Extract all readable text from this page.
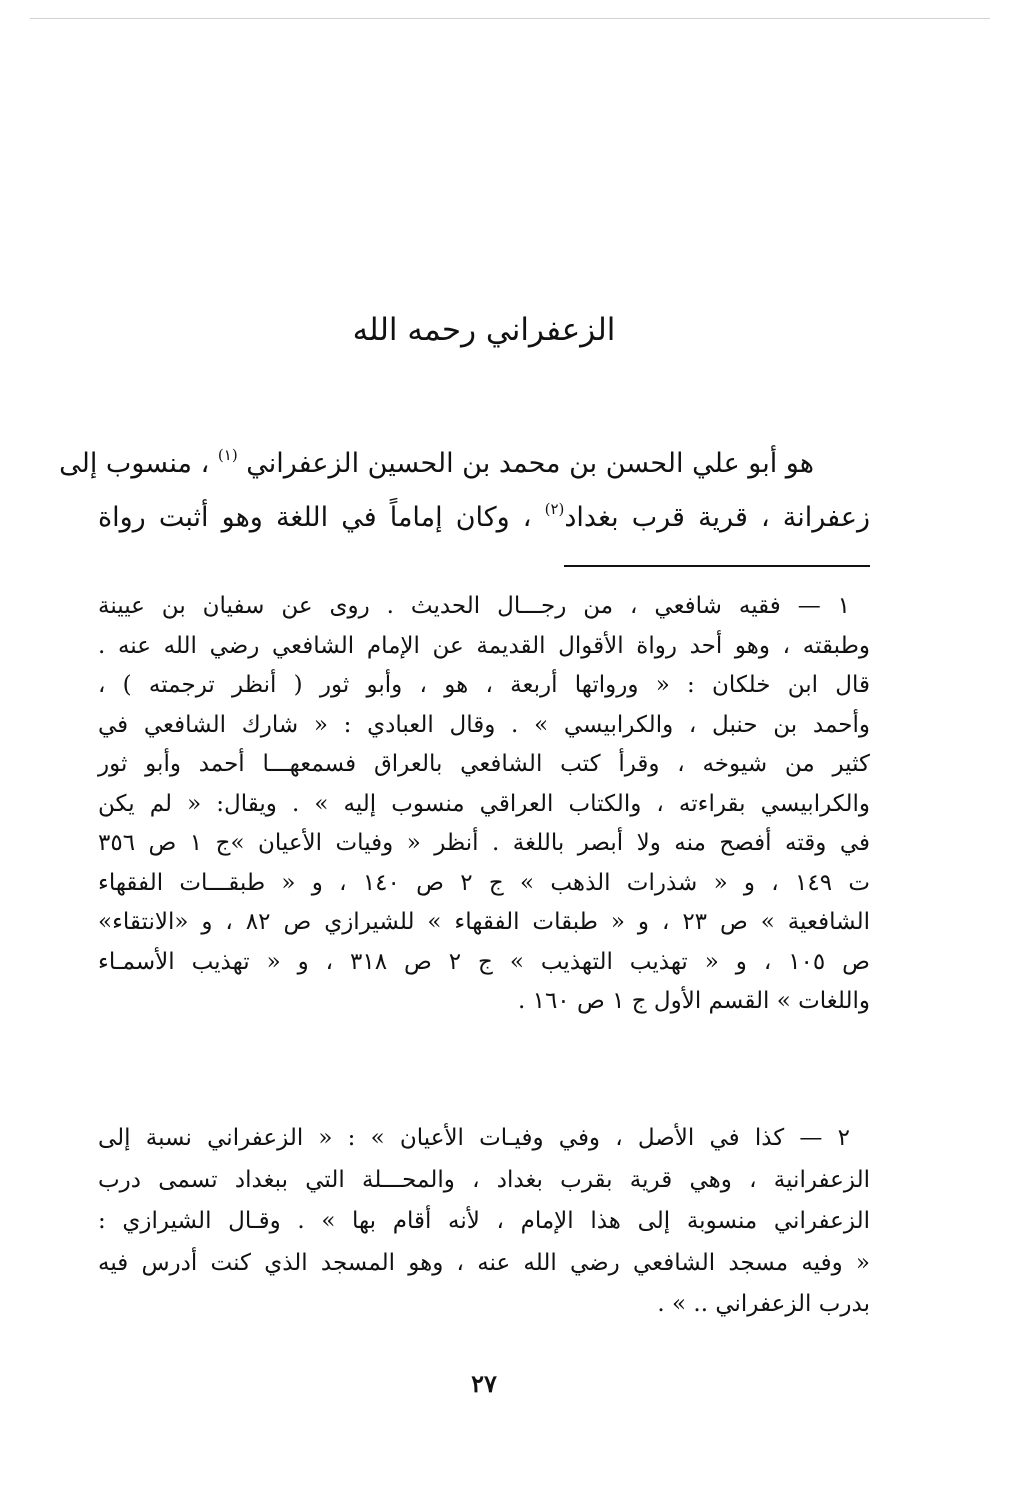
الزعفراني رحمه الله
هو أبو علي الحسن بن محمد بن الحسين الزعفراني $^{(١)}$ ، منسوب إلى
زعفرانة ، قرية قرب بغداد$^{(٢)}$ ، وكان إماماً في اللغة وهو أثبت رواة
١ — فقيه شافعي ، من رجـــال الحديث . روى عن سفيان بن عيينة
وطبقته ، وهو أحد رواة الأقوال القديمة عن الإمام الشافعي رضي الله عنه .
قال ابن خلكان : « ورواتها أربعة ، هو ، وأبو ثور ( أنظر ترجمته ) ،
وأحمد بن حنبل ، والكرابيسي » . وقال العبادي : « شارك الشافعي في
كثير من شيوخه ، وقرأ كتب الشافعي بالعراق فسمعهـــا أحمد وأبو ثور
والكرابيسي بقراءته ، والكتاب العراقي منسوب إليه » . ويقال: « لم يكن
في وقته أفصح منه ولا أبصر باللغة . أنظر « وفيات الأعيان »ج ١ ص ٣٥٦
ت ١٤٩ ، و « شذرات الذهب » ج ٢ ص ١٤٠ ، و « طبقـــات الفقهاء
الشافعية » ص ٢٣ ، و « طبقات الفقهاء » للشيرازي ص ٨٢ ، و «الانتقاء»
ص ١٠٥ ، و « تهذيب التهذيب » ج ٢ ص ٣١٨ ، و « تهذيب الأسمـاء
واللغات » القسم الأول ج ١ ص ١٦٠ .
٢ — كذا في الأصل ، وفي وفيـات الأعيان » : « الزعفراني نسبة إلى
الزعفرانية ، وهي قرية بقرب بغداد ، والمحـــلة التي ببغداد تسمى درب
الزعفراني منسوبة إلى هذا الإمام ، لأنه أقام بها » . وقـال الشيرازي :
« وفيه مسجد الشافعي رضي الله عنه ، وهو المسجد الذي كنت أدرس فيه
بدرب الزعفراني .. » .
٢٧
